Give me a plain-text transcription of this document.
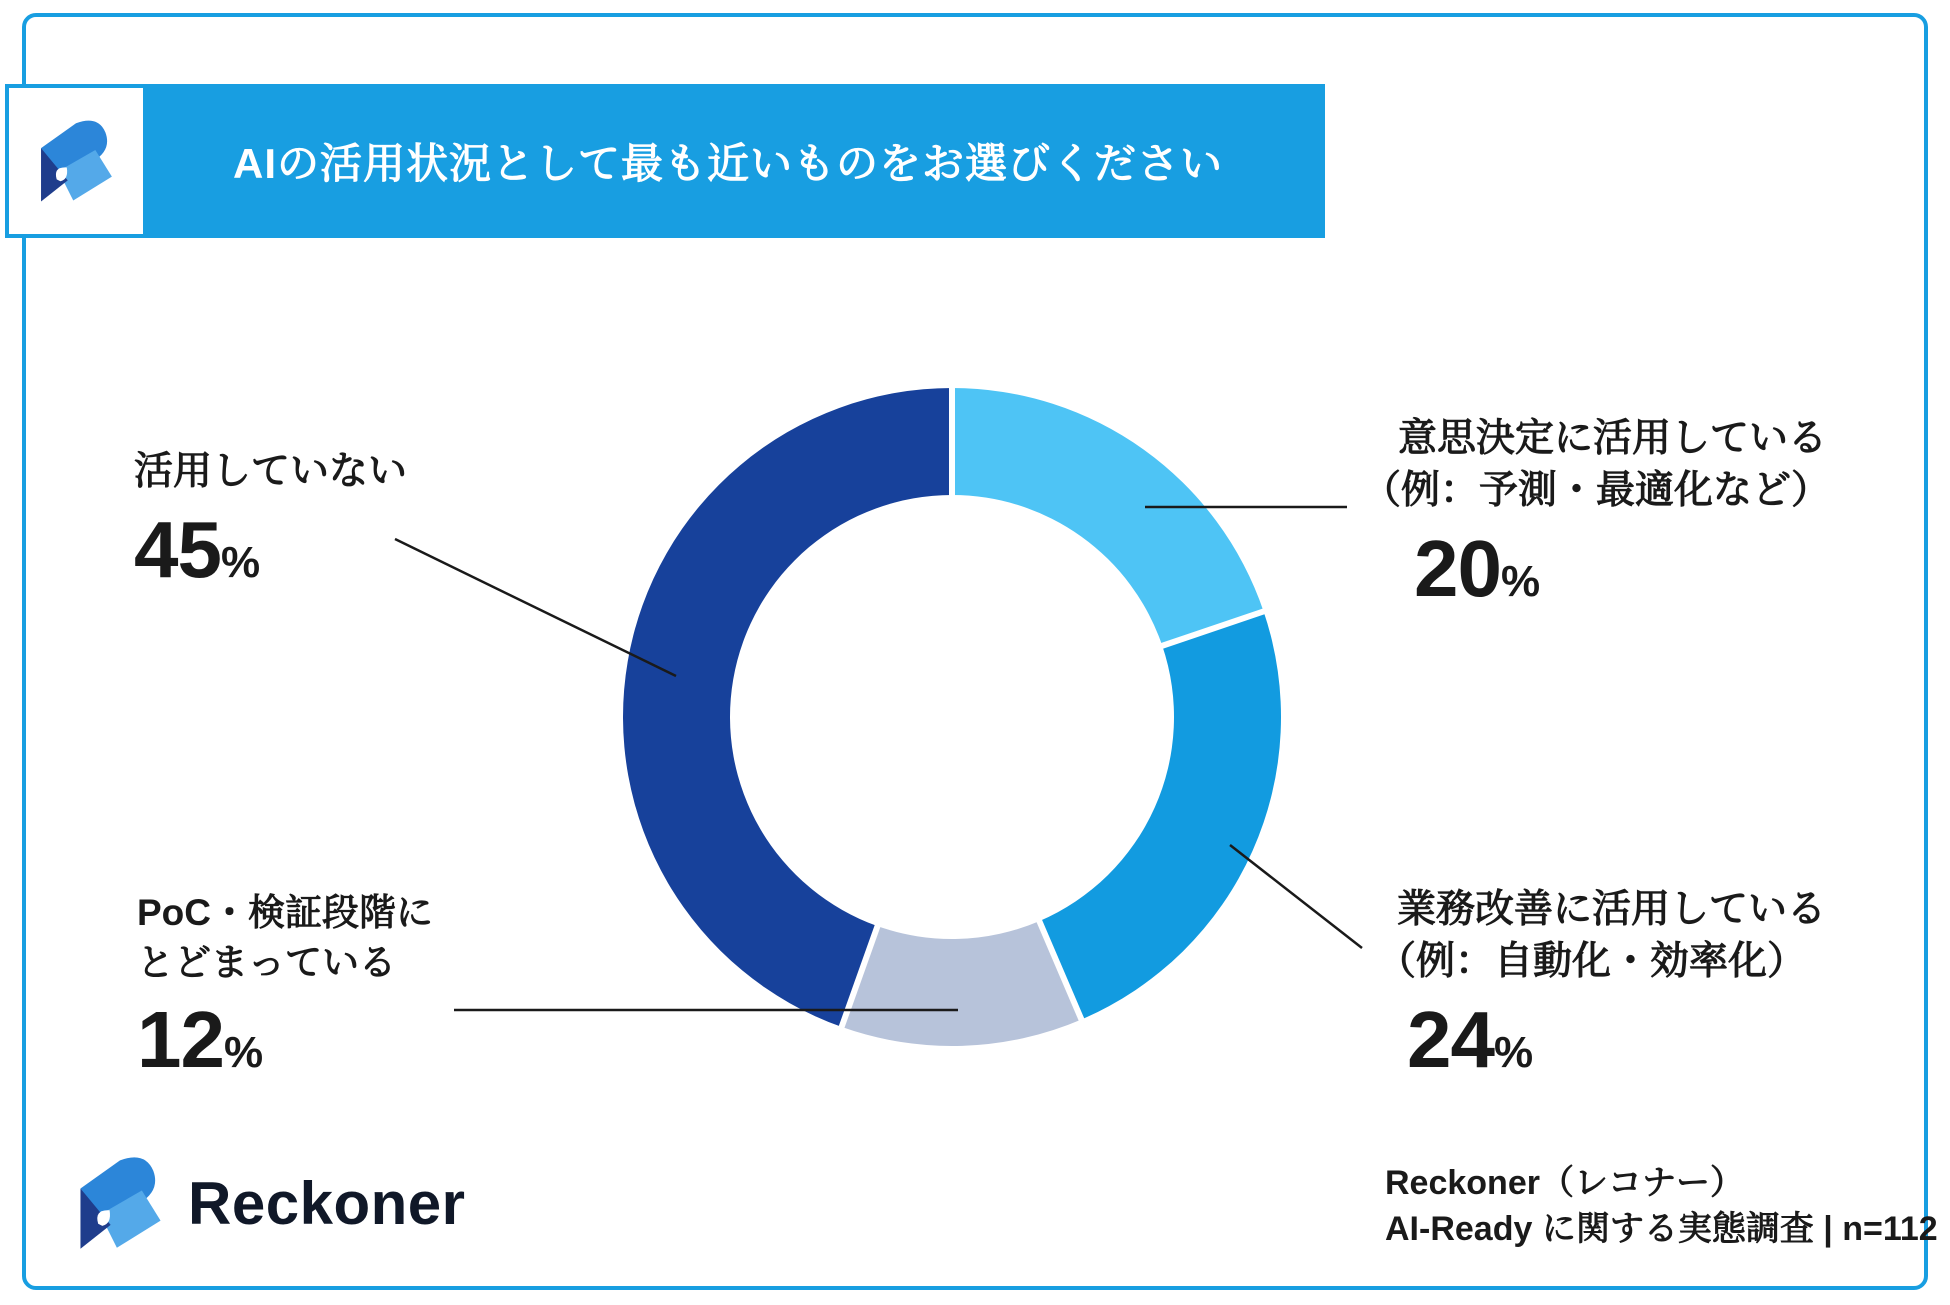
AIの活用状況として最も近いものをお選びください
活用していない
45%
意思決定に活用している
（例：予測・最適化など）
20%
業務改善に活用している
（例：自動化・効率化）
24%
PoC・検証段階に
とどまっている
12%
Reckoner	Reckoner（レコナー）
AI-Ready に関する実態調査 | n=112
